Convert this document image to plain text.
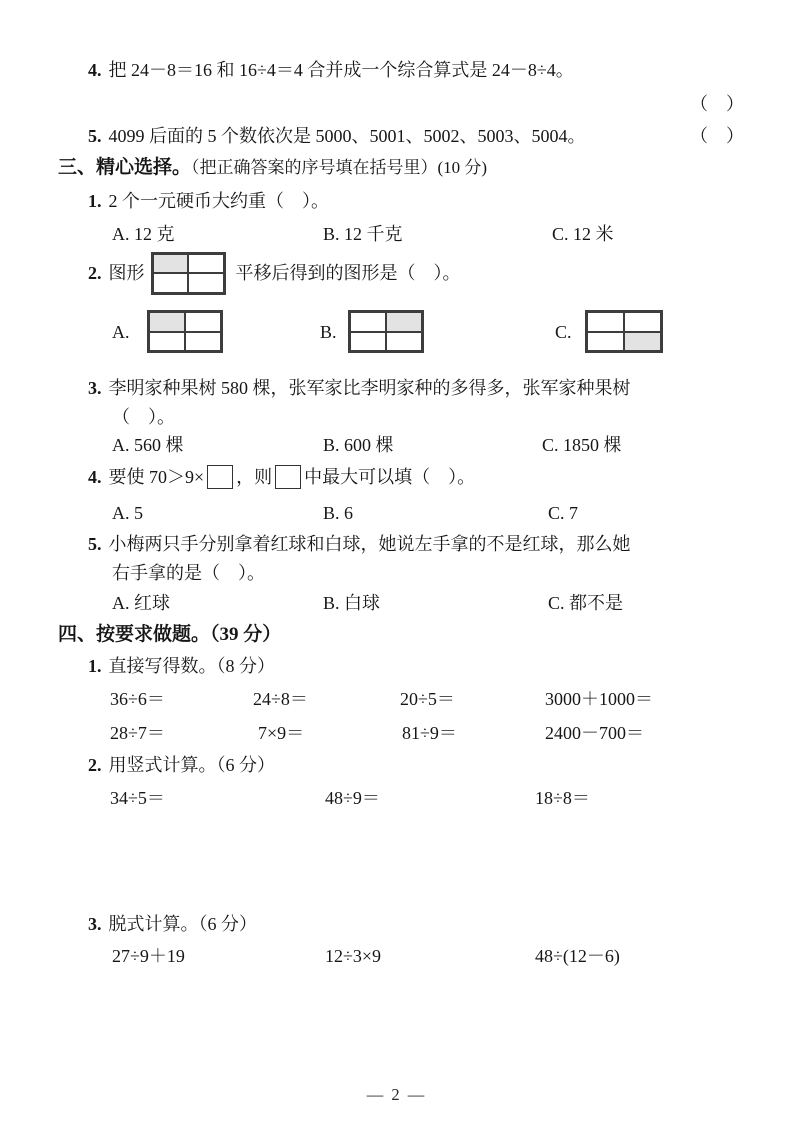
4. 把 24－8＝16 和 16÷4＝4 合并成一个综合算式是 24－8÷4。
（　）
5. 4099 后面的 5 个数依次是 5000、5001、5002、5003、5004。	（　）
三、精心选择。（把正确答案的序号填在括号里）(10 分)
1. 2 个一元硬币大约重（　）。
A. 12 克	B. 12 千克	C. 12 米
2. 图形	平移后得到的图形是（　）。
A.	B.	C.
3. 李明家种果树 580 棵，张军家比李明家种的多得多，张军家种果树
（　）。
A. 560 棵	B. 600 棵	C. 1850 棵
4. 要使 70＞9× ，则 中最大可以填（　）。
A. 5	B. 6	C. 7
5. 小梅两只手分别拿着红球和白球，她说左手拿的不是红球，那么她
右手拿的是（　）。
A. 红球	B. 白球	C. 都不是
四、按要求做题。（39 分）
1. 直接写得数。（8 分）
36÷6＝	24÷8＝	20÷5＝	3000＋1000＝
28÷7＝	7×9＝	81÷9＝	2400－700＝
2. 用竖式计算。（6 分）
34÷5＝	48÷9＝	18÷8＝
3. 脱式计算。（6 分）
27÷9＋19	12÷3×9	48÷(12－6)
— 2 —
